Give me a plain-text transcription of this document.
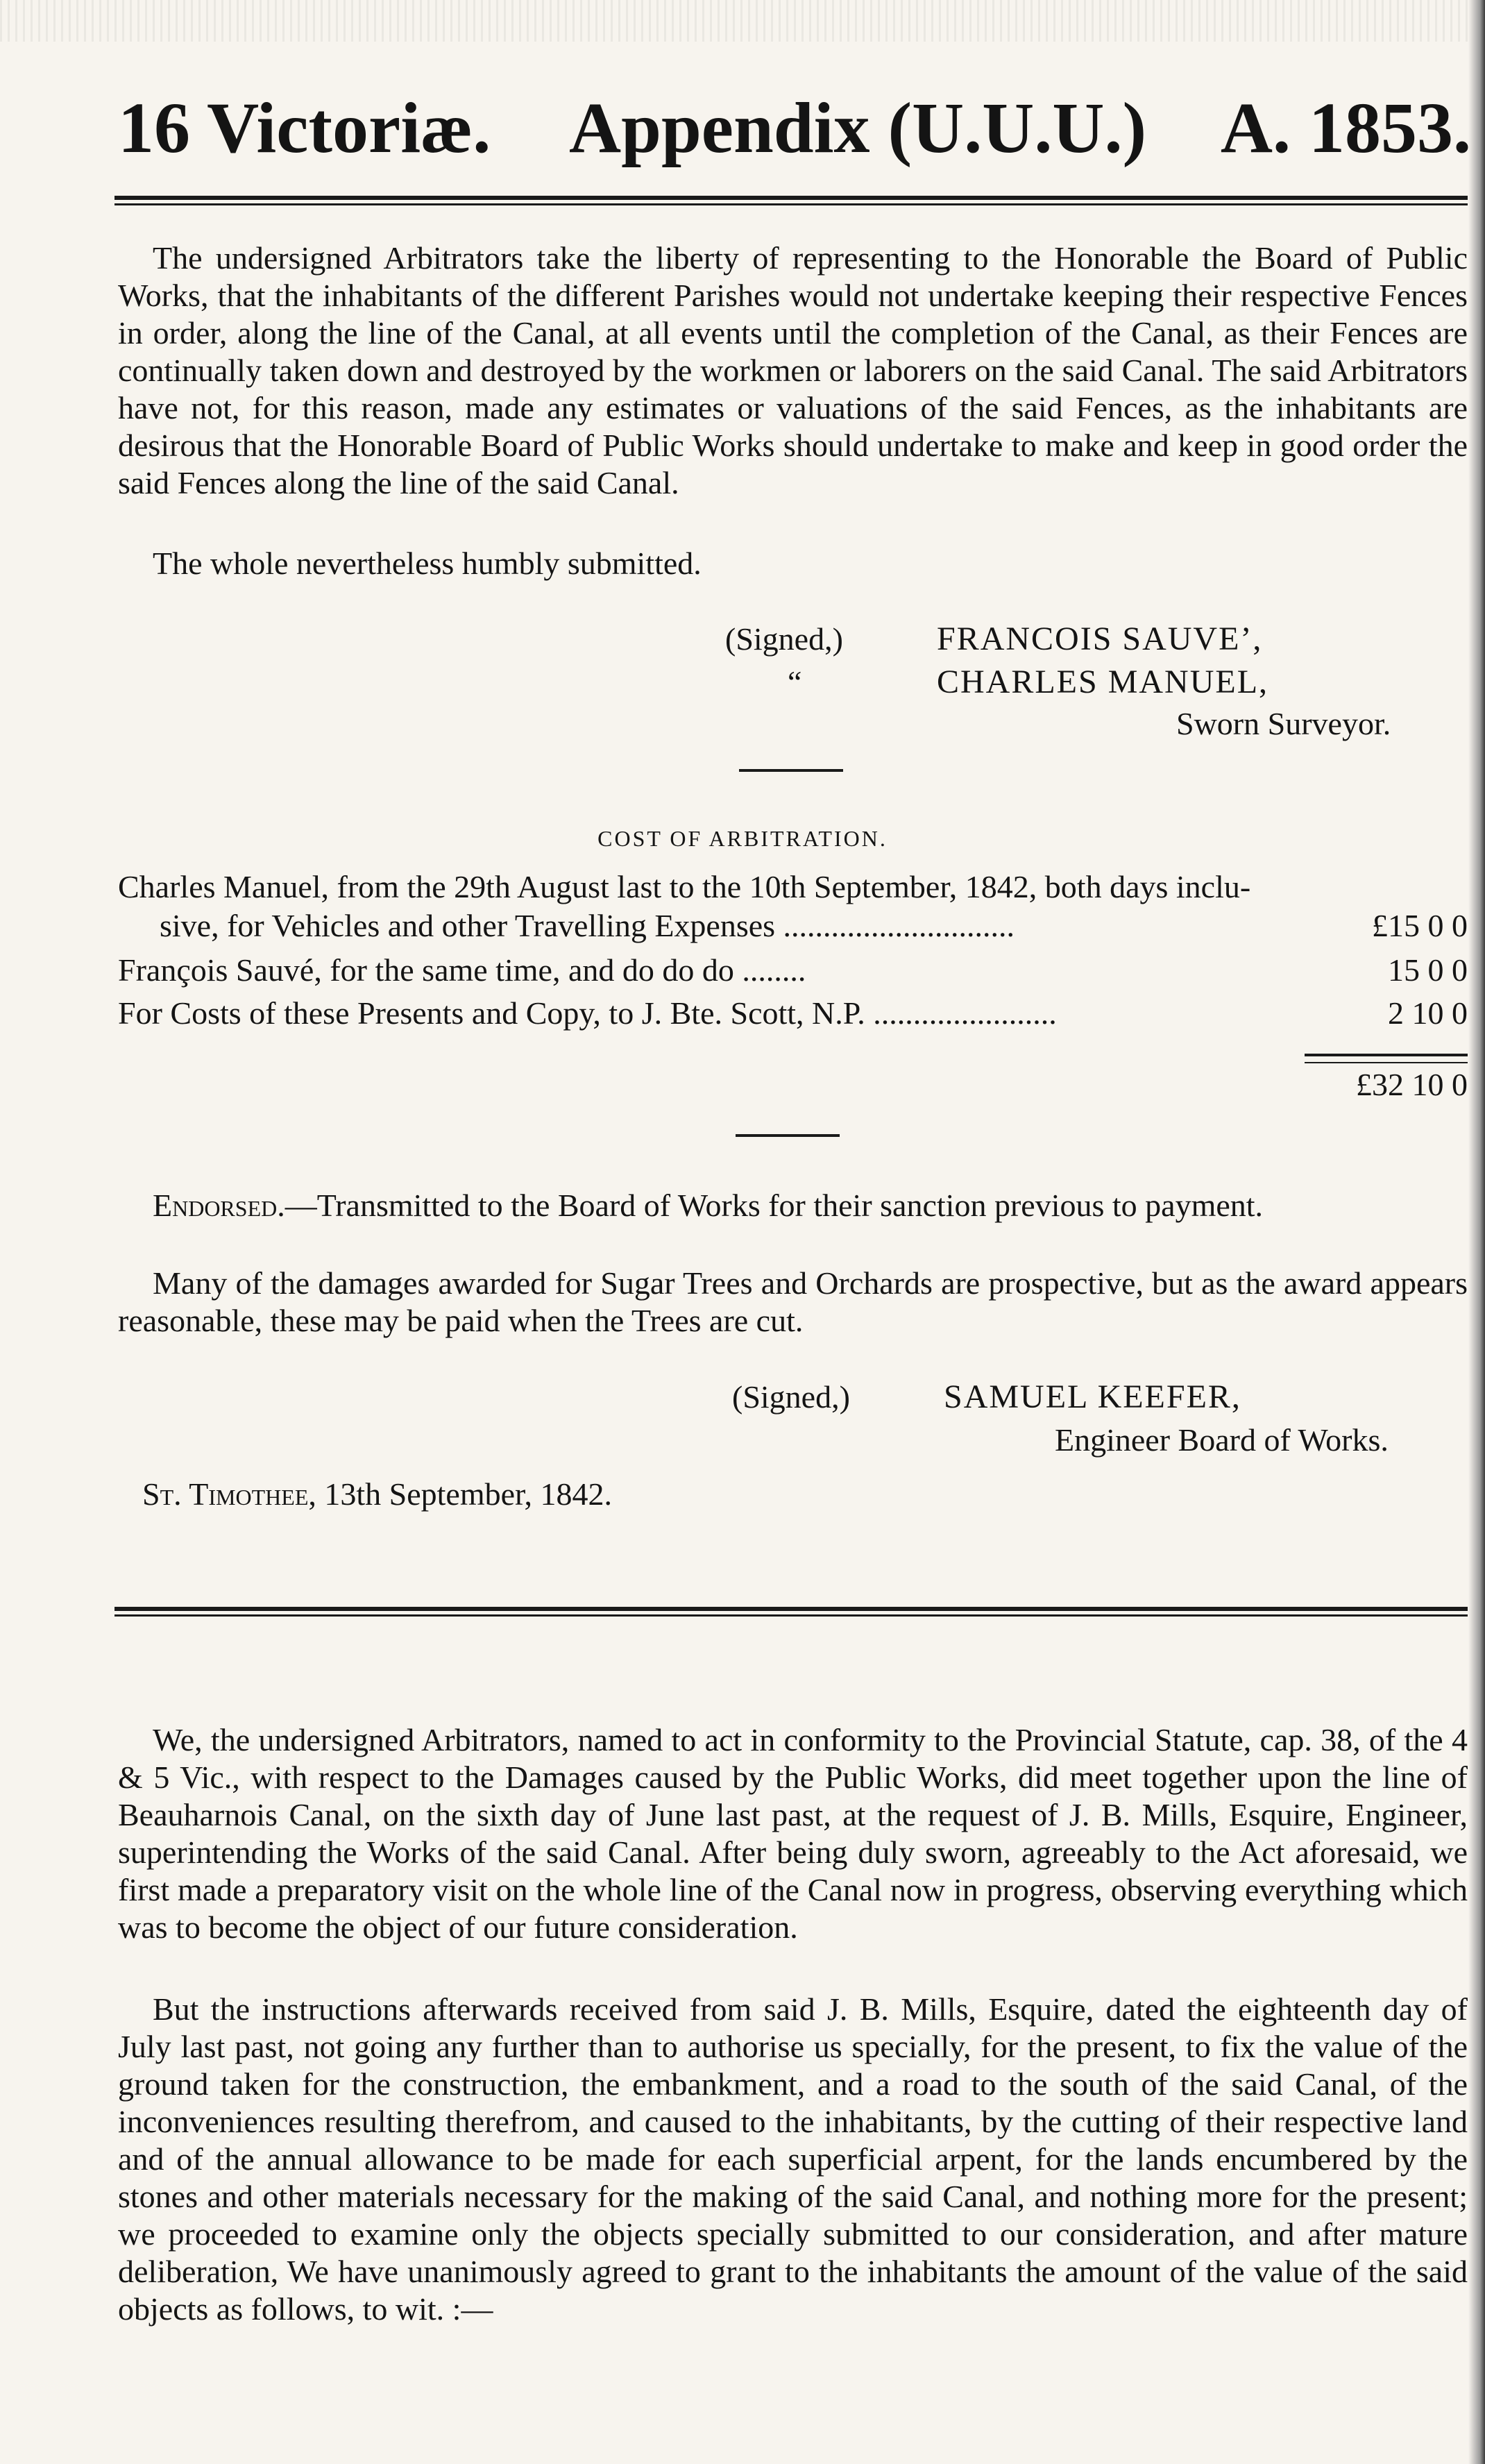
16 Victoriæ. Appendix (U.U.U.) A. 1853.

The undersigned Arbitrators take the liberty of representing to the Honorable the Board of Public Works, that the inhabitants of the different Parishes would not undertake keeping their respective Fences in order, along the line of the Canal, at all events until the completion of the Canal, as their Fences are continually taken down and destroyed by the workmen or laborers on the said Canal. The said Arbitrators have not, for this reason, made any estimates or valuations of the said Fences, as the inhabitants are desirous that the Honorable Board of Public Works should undertake to make and keep in good order the said Fences along the line of the said Canal.

The whole nevertheless humbly submitted.

(Signed,)
“
FRANCOIS SAUVE’,
CHARLES MANUEL,
Sworn Surveyor.
COST OF ARBITRATION.
Charles Manuel, from the 29th August last to the 10th September, 1842, both days inclu-
sive, for Vehicles and other Travelling Expenses .............................	£15 0 0
François Sauvé, for the same time, and do do do ........	15 0 0
For Costs of these Presents and Copy, to J. Bte. Scott, N.P. .......................	2 10 0
£32 10 0

Endorsed.—Transmitted to the Board of Works for their sanction previous to payment.

Many of the damages awarded for Sugar Trees and Orchards are prospective, but as the award appears reasonable, these may be paid when the Trees are cut.

(Signed,)	SAMUEL KEEFER,
Engineer Board of Works.
St. Timothee, 13th September, 1842.

We, the undersigned Arbitrators, named to act in conformity to the Provincial Statute, cap. 38, of the 4 & 5 Vic., with respect to the Damages caused by the Public Works, did meet together upon the line of Beauharnois Canal, on the sixth day of June last past, at the request of J. B. Mills, Esquire, Engineer, superintending the Works of the said Canal. After being duly sworn, agreeably to the Act aforesaid, we first made a preparatory visit on the whole line of the Canal now in progress, observing everything which was to become the object of our future consideration.

But the instructions afterwards received from said J. B. Mills, Esquire, dated the eighteenth day of July last past, not going any further than to authorise us specially, for the present, to fix the value of the ground taken for the construction, the embankment, and a road to the south of the said Canal, of the inconveniences resulting therefrom, and caused to the inhabitants, by the cutting of their respective land and of the annual allowance to be made for each superficial arpent, for the lands encumbered by the stones and other materials necessary for the making of the said Canal, and nothing more for the present; we proceeded to examine only the objects specially submitted to our consideration, and after mature deliberation, We have unanimously agreed to grant to the inhabitants the amount of the value of the said objects as follows, to wit. :—
